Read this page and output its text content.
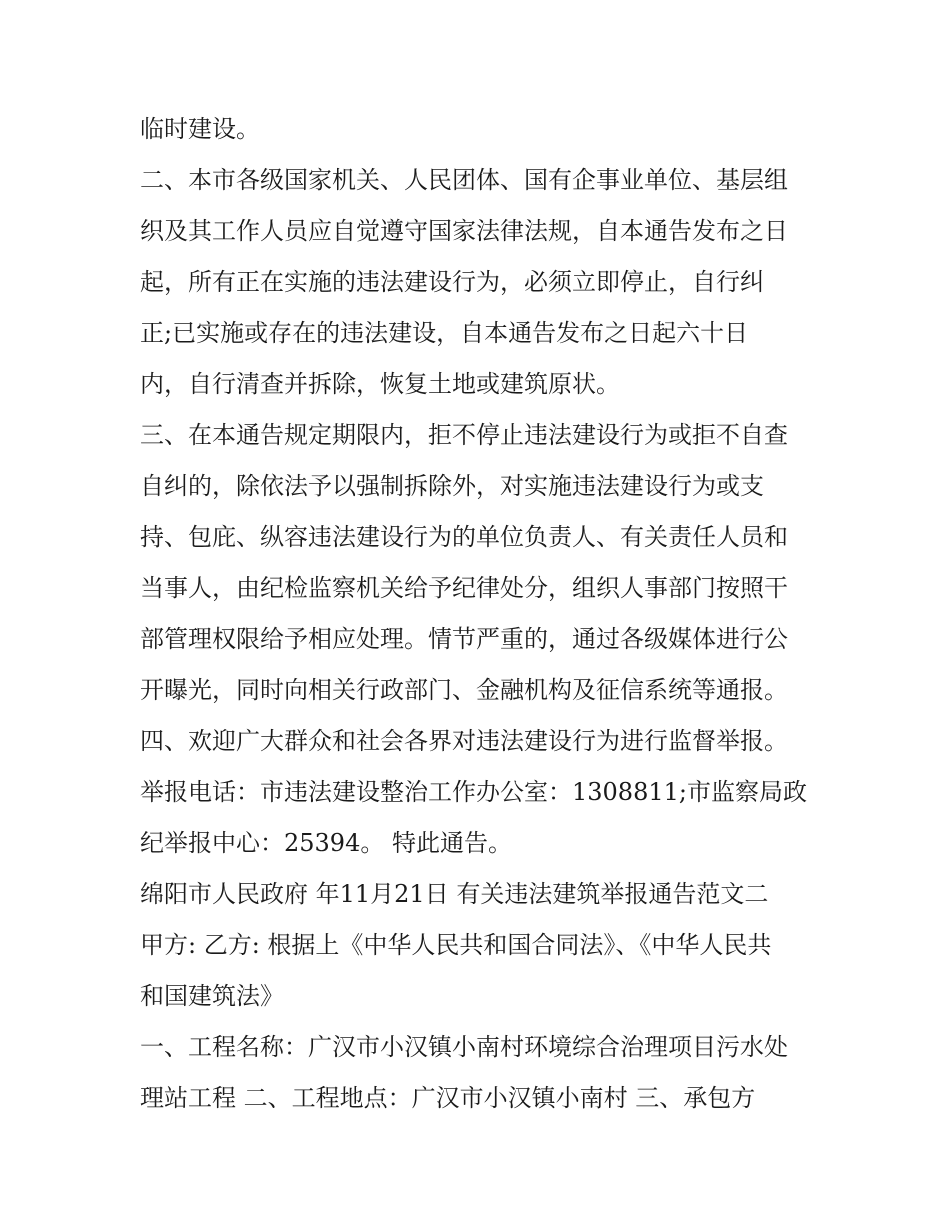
临时建设。
二、本市各级国家机关、人民团体、国有企事业单位、基层组
织及其工作人员应自觉遵守国家法律法规，自本通告发布之日
起，所有正在实施的违法建设行为，必须立即停止，自行纠
正;已实施或存在的违法建设，自本通告发布之日起六十日
内，自行清查并拆除，恢复土地或建筑原状。
三、在本通告规定期限内，拒不停止违法建设行为或拒不自查
自纠的，除依法予以强制拆除外，对实施违法建设行为或支
持、包庇、纵容违法建设行为的单位负责人、有关责任人员和
当事人，由纪检监察机关给予纪律处分，组织人事部门按照干
部管理权限给予相应处理。情节严重的，通过各级媒体进行公
开曝光，同时向相关行政部门、金融机构及征信系统等通报。
四、欢迎广大群众和社会各界对违法建设行为进行监督举报。
举报电话：市违法建设整治工作办公室：1308811;市监察局政
纪举报中心：25394。 特此通告。
绵阳市人民政府 年11月21日 有关违法建筑举报通告范文二
甲方: 乙方: 根据上《中华人民共和国合同法》、《中华人民共
和国建筑法》
一、工程名称：广汉市小汉镇小南村环境综合治理项目污水处
理站工程 二、工程地点：广汉市小汉镇小南村 三、承包方
